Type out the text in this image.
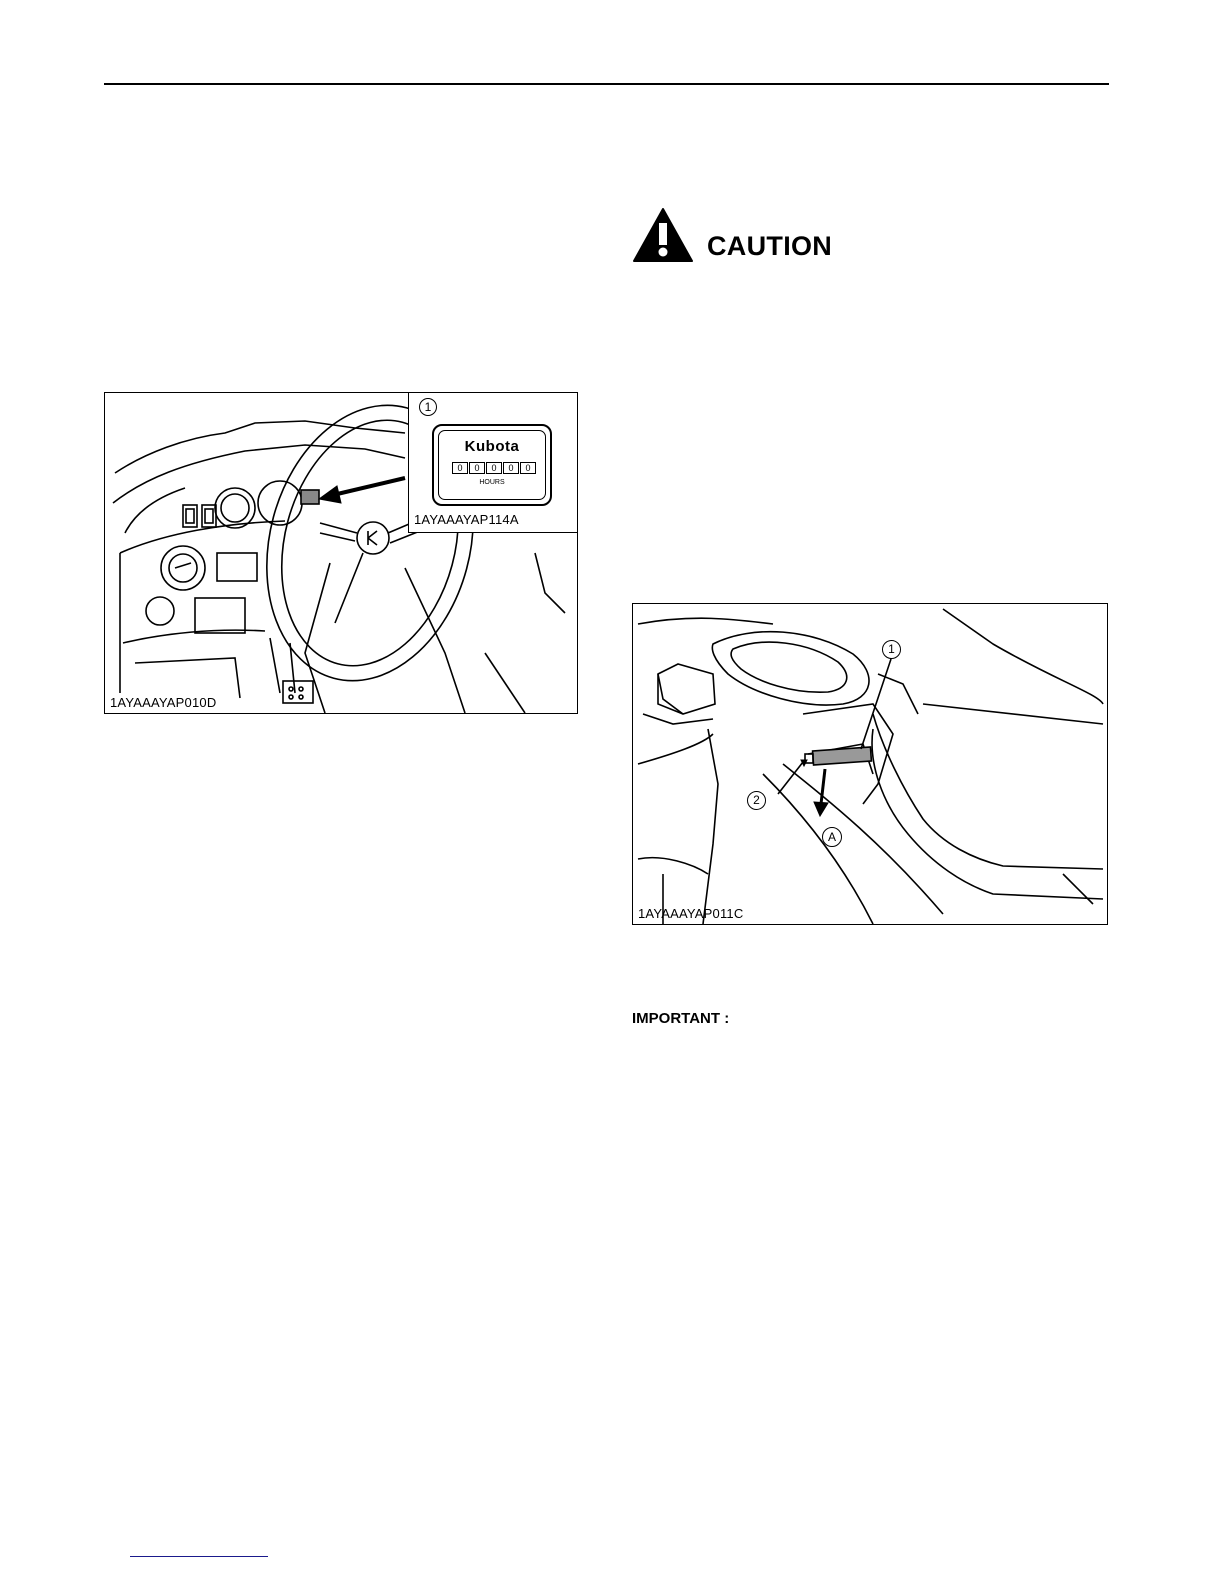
1
Kubota
0	0	0	0	0
HOURS
1AYAAAYAP114A
1AYAAAYAP010D
CAUTION
1
2
A
1AYAAAYAP011C
IMPORTANT :
